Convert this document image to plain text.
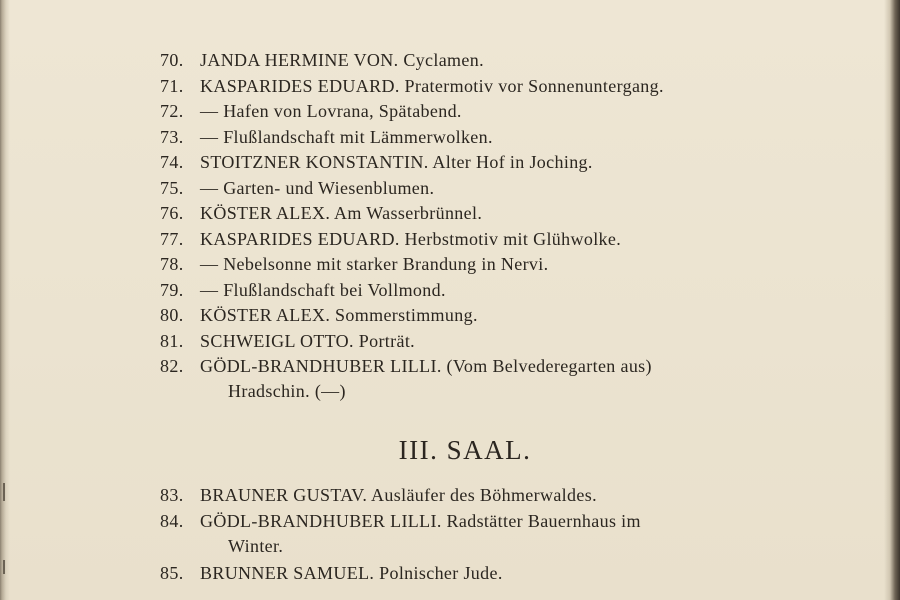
70. JANDA HERMINE VON. Cyclamen.
71. KASPARIDES EDUARD. Pratermotiv vor Sonnenuntergang.
72. — Hafen von Lovrana, Spätabend.
73. — Flußlandschaft mit Lämmerwolken.
74. STOITZNER KONSTANTIN. Alter Hof in Joching.
75. — Garten- und Wiesenblumen.
76. KÖSTER ALEX. Am Wasserbrünnel.
77. KASPARIDES EDUARD. Herbstmotiv mit Glühwolke.
78. — Nebelsonne mit starker Brandung in Nervi.
79. — Flußlandschaft bei Vollmond.
80. KÖSTER ALEX. Sommerstimmung.
81. SCHWEIGL OTTO. Porträt.
82. GÖDL-BRANDHUBER LILLI. (Vom Belvederegarten aus)
Hradschin. (—)
III. SAAL.
83. BRAUNER GUSTAV. Ausläufer des Böhmerwaldes.
84. GÖDL-BRANDHUBER LILLI. Radstätter Bauernhaus im
Winter.
85. BRUNNER SAMUEL. Polnischer Jude.
